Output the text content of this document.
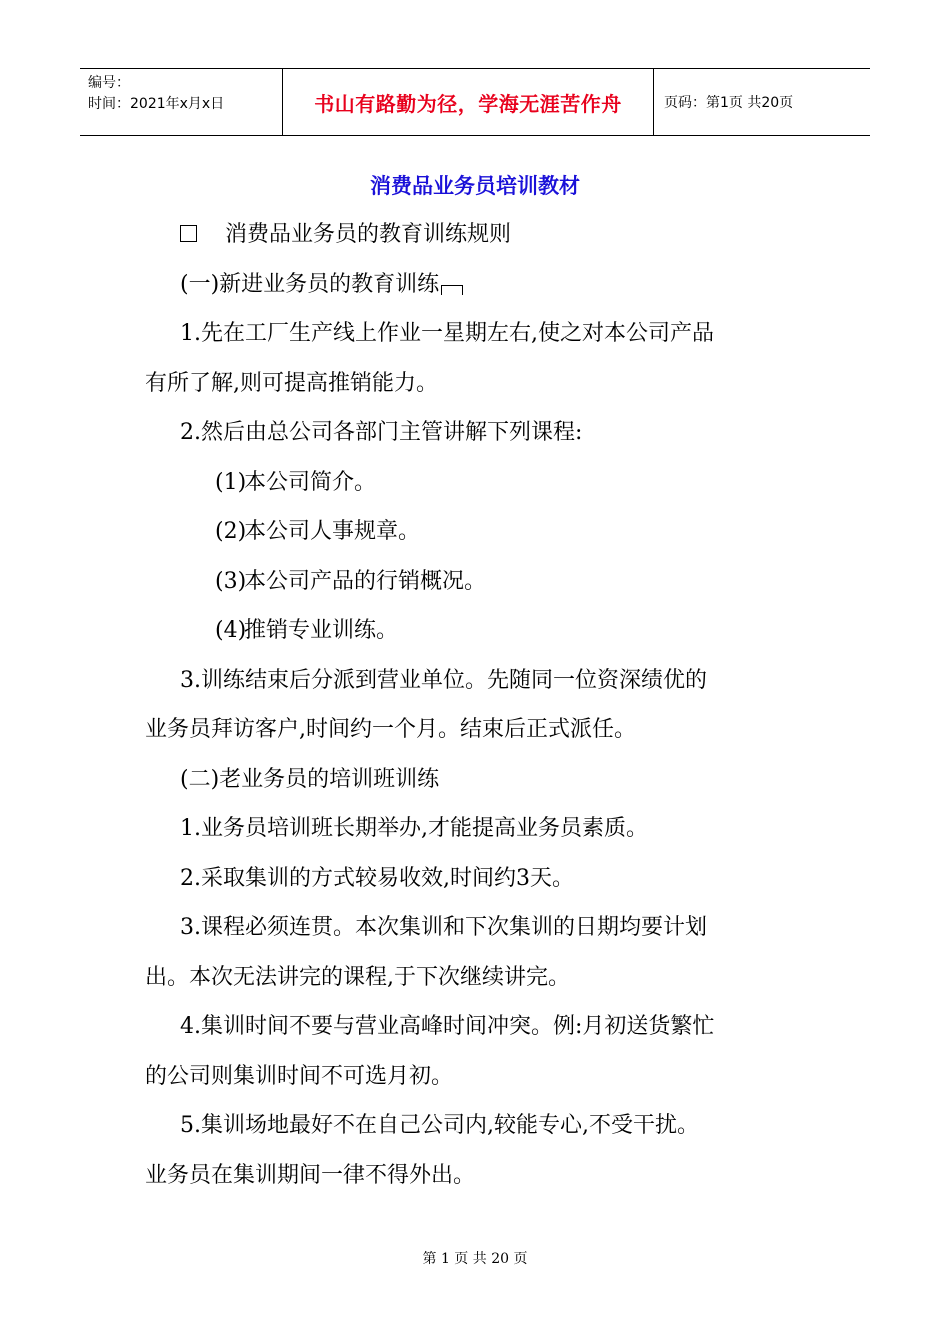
编号：
时间：2021年x月x日	书山有路勤为径，学海无涯苦作舟	页码：第1页 共20页
消费品业务员培训教材

消费品业务员的教育训练规则

(一)新进业务员的教育训练

1.先在工厂生产线上作业一星期左右,使之对本公司产品

有所了解,则可提高推销能力。

2.然后由总公司各部门主管讲解下列课程:

(1)本公司简介。

(2)本公司人事规章。

(3)本公司产品的行销概况。

(4)推销专业训练。

3.训练结束后分派到营业单位。先随同一位资深绩优的

业务员拜访客户,时间约一个月。结束后正式派任。

(二)老业务员的培训班训练

1.业务员培训班长期举办,才能提高业务员素质。

2.采取集训的方式较易收效,时间约3天。

3.课程必须连贯。本次集训和下次集训的日期均要计划

出。本次无法讲完的课程,于下次继续讲完。

4.集训时间不要与营业高峰时间冲突。例:月初送货繁忙

的公司则集训时间不可选月初。

5.集训场地最好不在自己公司内,较能专心,不受干扰。

业务员在集训期间一律不得外出。

第 1 页 共 20 页
